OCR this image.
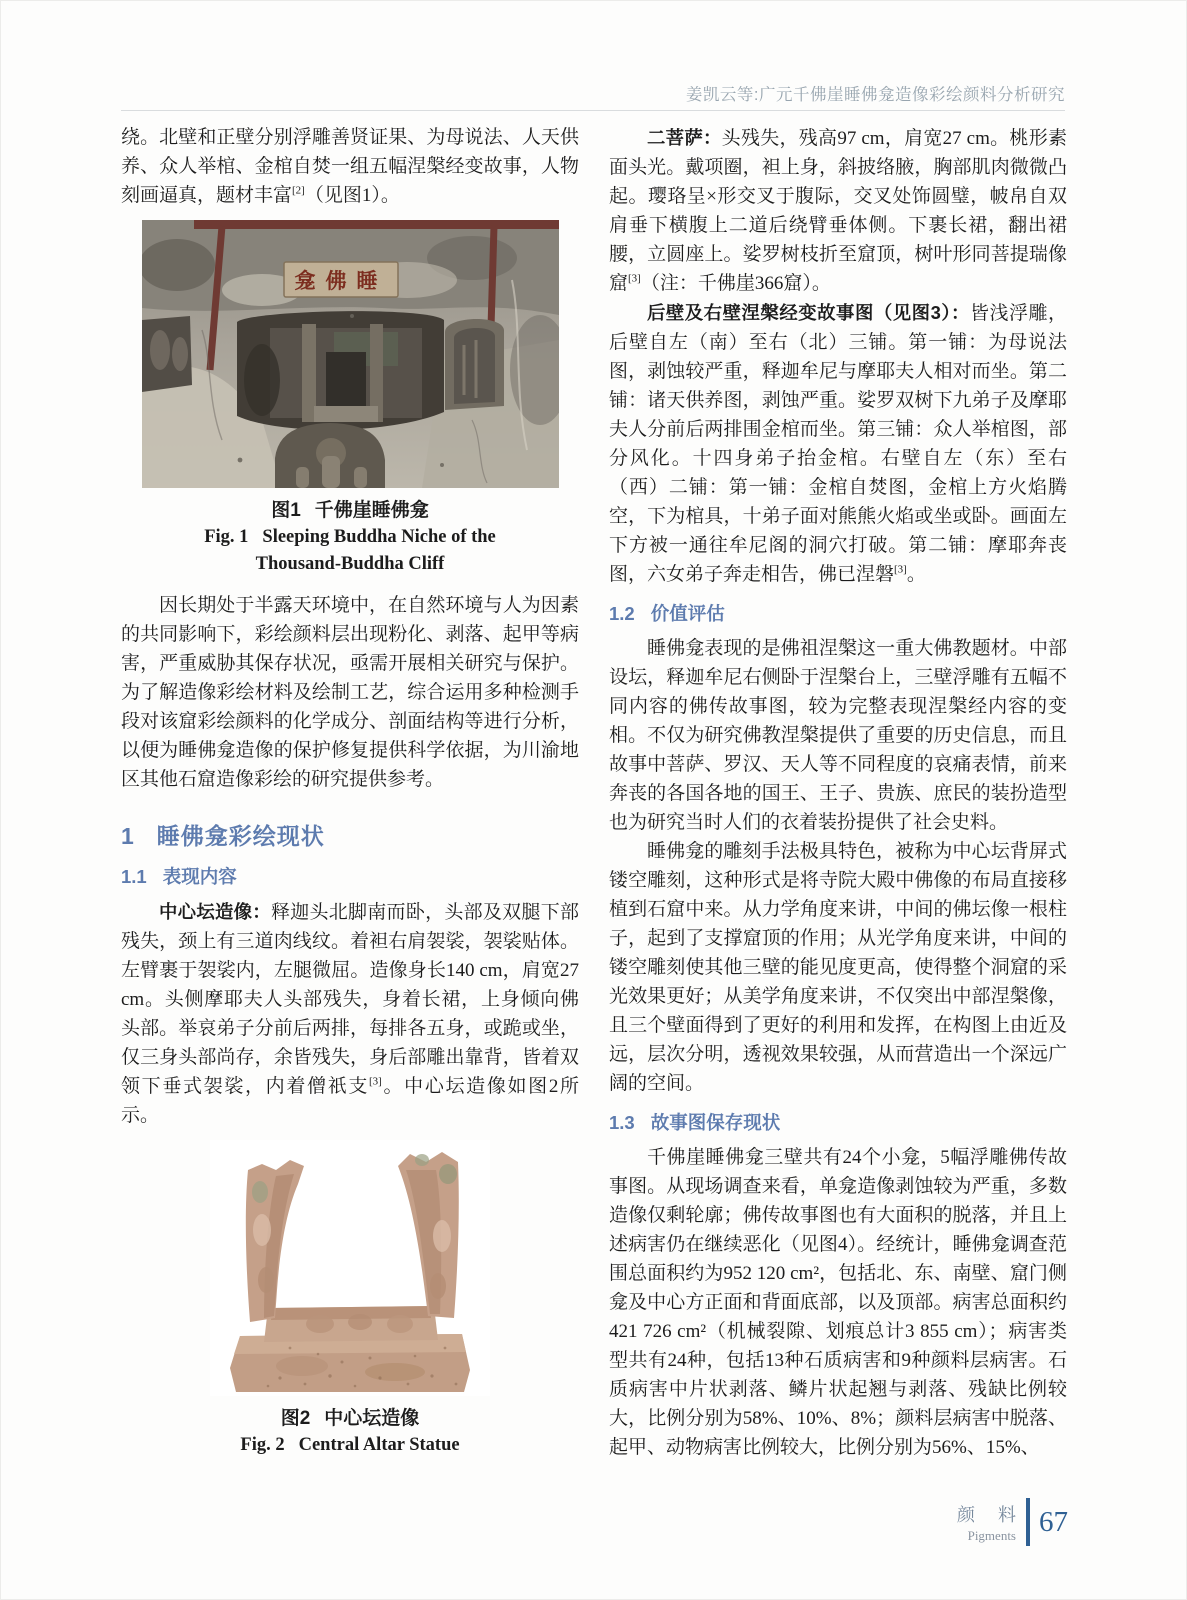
姜凯云等:广元千佛崖睡佛龛造像彩绘颜料分析研究

绕。北壁和正壁分别浮雕善贤证果、为母说法、人天供养、众人举棺、金棺自焚一组五幅涅槃经变故事，人物刻画逼真，题材丰富[2]（见图1）。

龛佛睡
图1 千佛崖睡佛龛
Fig. 1 Sleeping Buddha Niche of the
Thousand-Buddha Cliff

因长期处于半露天环境中，在自然环境与人为因素的共同影响下，彩绘颜料层出现粉化、剥落、起甲等病害，严重威胁其保存状况，亟需开展相关研究与保护。为了解造像彩绘材料及绘制工艺，综合运用多种检测手段对该窟彩绘颜料的化学成分、剖面结构等进行分析，以便为睡佛龛造像的保护修复提供科学依据，为川渝地区其他石窟造像彩绘的研究提供参考。

1 睡佛龛彩绘现状
1.1 表现内容

中心坛造像：释迦头北脚南而卧，头部及双腿下部残失，颈上有三道肉线纹。着袒右肩袈裟，袈裟贴体。左臂裹于袈裟内，左腿微屈。造像身长140 cm，肩宽27 cm。头侧摩耶夫人头部残失，身着长裙，上身倾向佛头部。举哀弟子分前后两排，每排各五身，或跪或坐，仅三身头部尚存，余皆残失，身后部雕出靠背，皆着双领下垂式袈裟，内着僧祇支[3]。中心坛造像如图2所示。

图2 中心坛造像
Fig. 2 Central Altar Statue

二菩萨：头残失，残高97 cm，肩宽27 cm。桃形素面头光。戴项圈，袒上身，斜披络腋，胸部肌肉微微凸起。璎珞呈×形交叉于腹际，交叉处饰圆璧，帔帛自双肩垂下横腹上二道后绕臂垂体侧。下裹长裙，翻出裙腰，立圆座上。娑罗树枝折至窟顶，树叶形同菩提瑞像窟[3]（注：千佛崖366窟）。

后壁及右壁涅槃经变故事图（见图3）：皆浅浮雕，后壁自左（南）至右（北）三铺。第一铺：为母说法图，剥蚀较严重，释迦牟尼与摩耶夫人相对而坐。第二铺：诸天供养图，剥蚀严重。娑罗双树下九弟子及摩耶夫人分前后两排围金棺而坐。第三铺：众人举棺图，部分风化。十四身弟子抬金棺。右壁自左（东）至右（西）二铺：第一铺：金棺自焚图，金棺上方火焰腾空，下为棺具，十弟子面对熊熊火焰或坐或卧。画面左下方被一通往牟尼阁的洞穴打破。第二铺：摩耶奔丧图，六女弟子奔走相告，佛已涅磐[3]。

1.2 价值评估

睡佛龛表现的是佛祖涅槃这一重大佛教题材。中部设坛，释迦牟尼右侧卧于涅槃台上，三壁浮雕有五幅不同内容的佛传故事图，较为完整表现涅槃经内容的变相。不仅为研究佛教涅槃提供了重要的历史信息，而且故事中菩萨、罗汉、天人等不同程度的哀痛表情，前来奔丧的各国各地的国王、王子、贵族、庶民的装扮造型也为研究当时人们的衣着装扮提供了社会史料。

睡佛龛的雕刻手法极具特色，被称为中心坛背屏式镂空雕刻，这种形式是将寺院大殿中佛像的布局直接移植到石窟中来。从力学角度来讲，中间的佛坛像一根柱子，起到了支撑窟顶的作用；从光学角度来讲，中间的镂空雕刻使其他三壁的能见度更高，使得整个洞窟的采光效果更好；从美学角度来讲，不仅突出中部涅槃像，且三个壁面得到了更好的利用和发挥，在构图上由近及远，层次分明，透视效果较强，从而营造出一个深远广阔的空间。

1.3 故事图保存现状

千佛崖睡佛龛三壁共有24个小龛，5幅浮雕佛传故事图。从现场调查来看，单龛造像剥蚀较为严重，多数造像仅剩轮廓；佛传故事图也有大面积的脱落，并且上述病害仍在继续恶化（见图4）。经统计，睡佛龛调查范围总面积约为952 120 cm²，包括北、东、南壁、窟门侧龛及中心方正面和背面底部，以及顶部。病害总面积约421 726 cm²（机械裂隙、划痕总计3 855 cm）；病害类型共有24种，包括13种石质病害和9种颜料层病害。石质病害中片状剥落、鳞片状起翘与剥落、残缺比例较大，比例分别为58%、10%、8%；颜料层病害中脱落、起甲、动物病害比例较大，比例分别为56%、15%、

颜 料
Pigments 67
